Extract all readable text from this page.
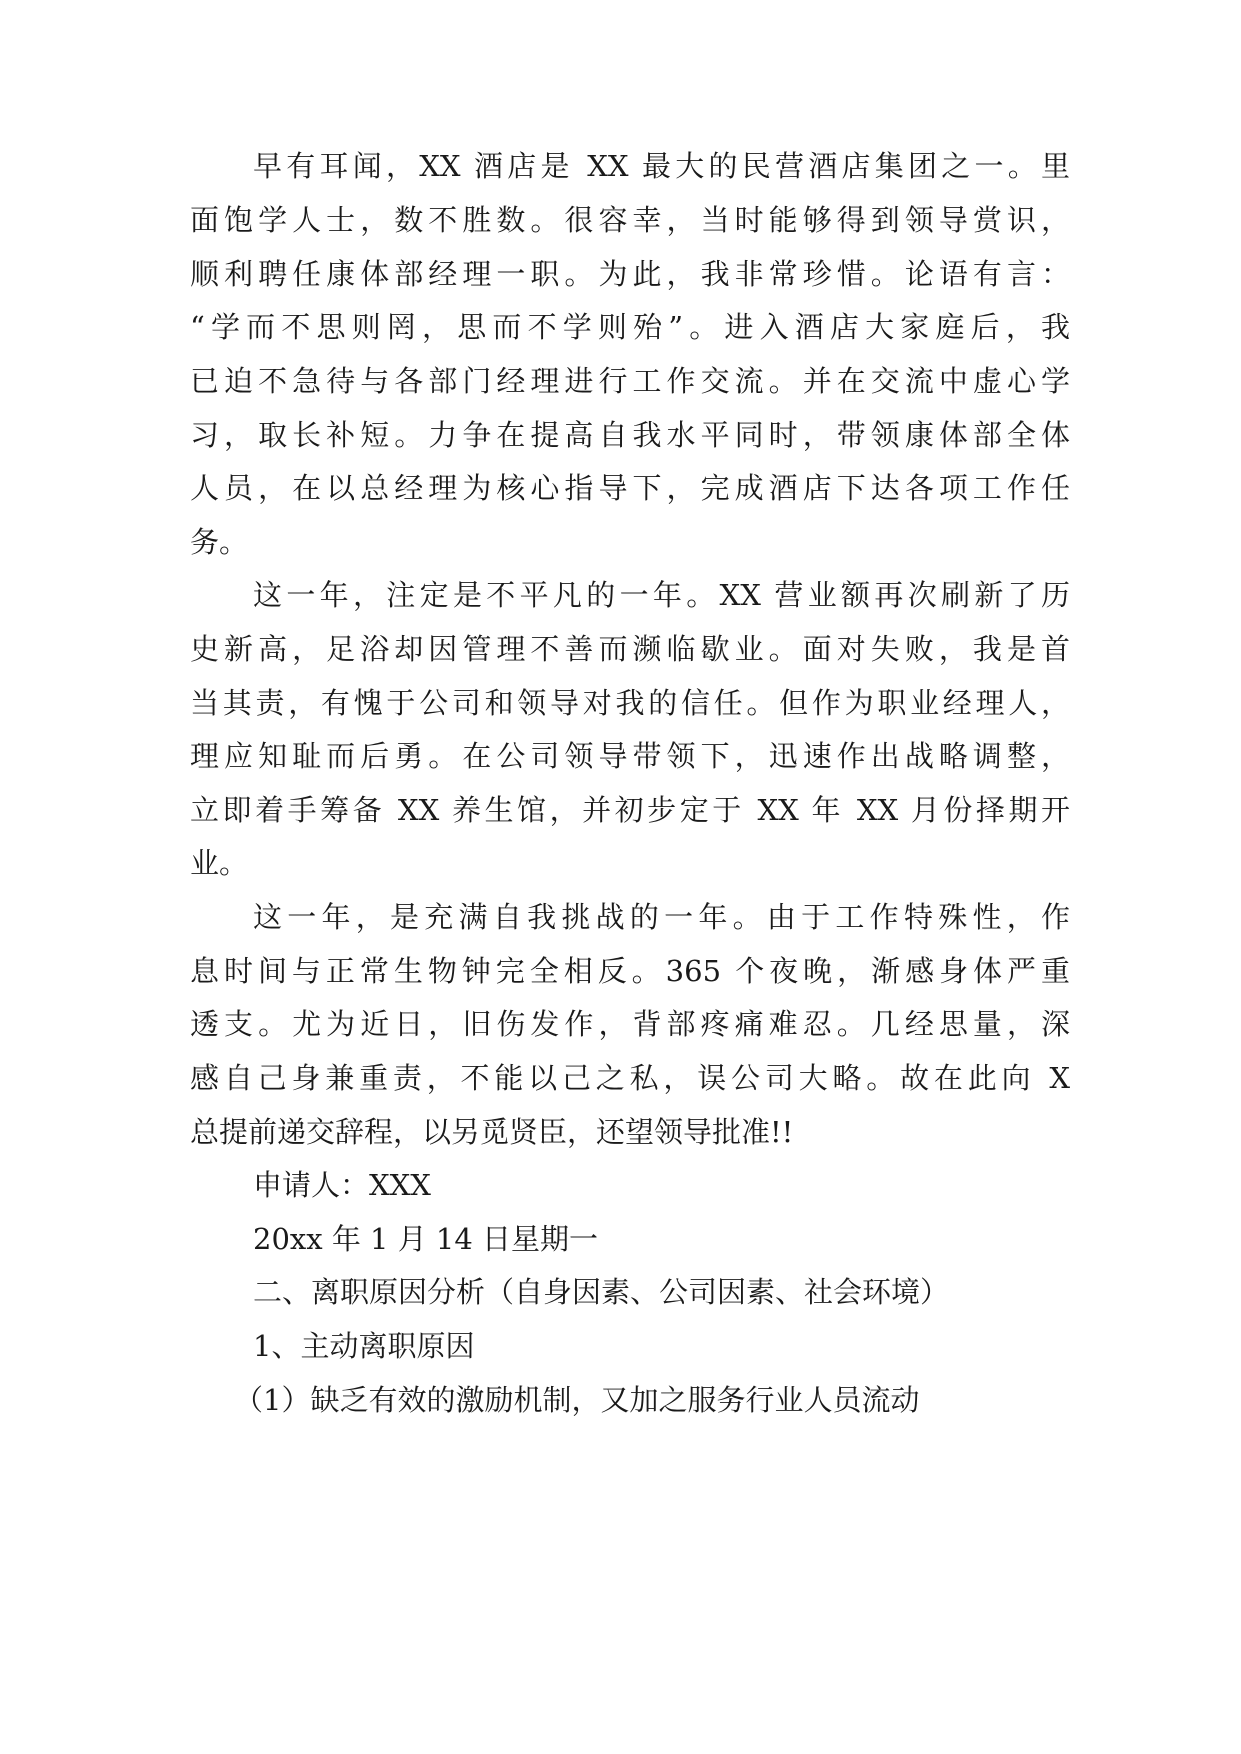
早有耳闻，XX 酒店是 XX 最大的民营酒店集团之一。里
面饱学人士，数不胜数。很容幸，当时能够得到领导赏识，
顺利聘任康体部经理一职。为此，我非常珍惜。论语有言：
“学而不思则罔，思而不学则殆”。进入酒店大家庭后，我
已迫不急待与各部门经理进行工作交流。并在交流中虚心学
习，取长补短。力争在提高自我水平同时，带领康体部全体
人员，在以总经理为核心指导下，完成酒店下达各项工作任
务。
这一年，注定是不平凡的一年。XX 营业额再次刷新了历
史新高，足浴却因管理不善而濒临歇业。面对失败，我是首
当其责，有愧于公司和领导对我的信任。但作为职业经理人，
理应知耻而后勇。在公司领导带领下，迅速作出战略调整，
立即着手筹备 XX 养生馆，并初步定于 XX 年 XX 月份择期开
业。
这一年，是充满自我挑战的一年。由于工作特殊性，作
息时间与正常生物钟完全相反。365 个夜晚，渐感身体严重
透支。尤为近日，旧伤发作，背部疼痛难忍。几经思量，深
感自己身兼重责，不能以己之私，误公司大略。故在此向 X
总提前递交辞程，以另觅贤臣，还望领导批准!!
申请人：XXX
20xx 年 1 月 14 日星期一
二、离职原因分析（自身因素、公司因素、社会环境）
1、主动离职原因
（1）缺乏有效的激励机制，又加之服务行业人员流动
